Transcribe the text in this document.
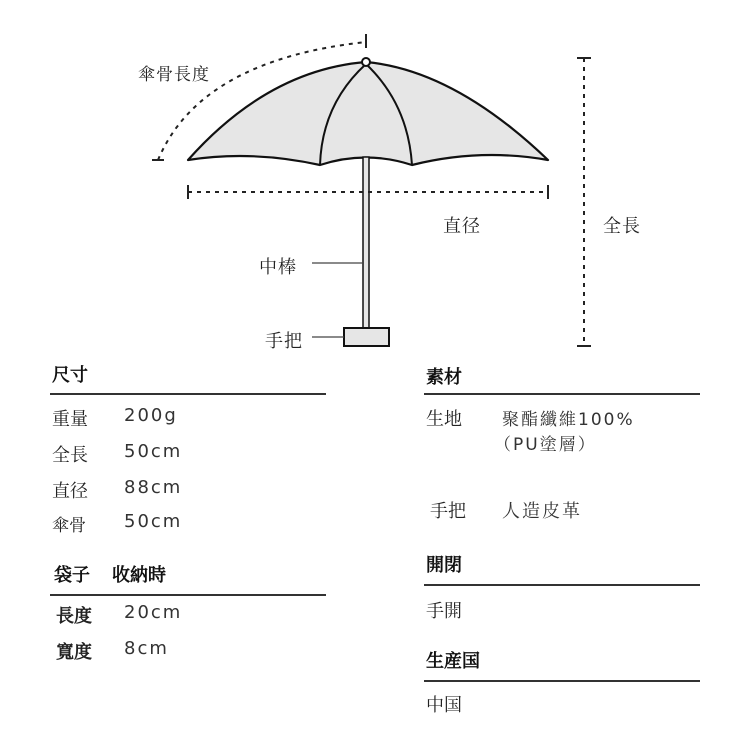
傘骨長度
直径	全長
中棒
手把
尺寸
重量 200g
全長 50cm
直径 88cm
傘骨 50cm
袋子 收納時
長度 20cm
寬度 8cm
素材
生地 聚酯纖維100%
（PU塗層）
手把 人造皮革
開閉
手開
生産国
中国
